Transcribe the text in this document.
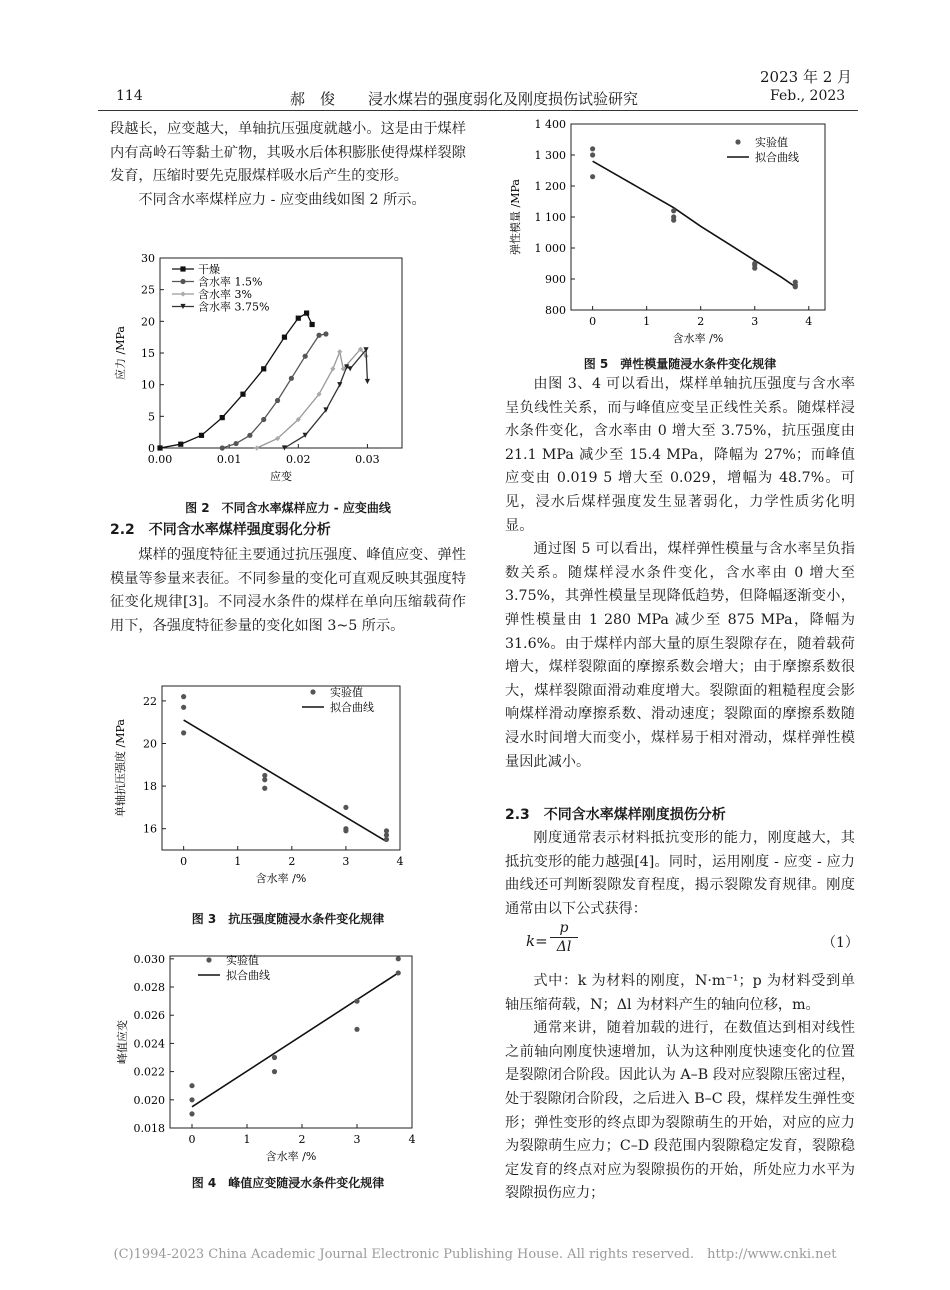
114	郝　俊 浸水煤岩的强度弱化及刚度损伤试验研究
2023 年 2 月
Feb., 2023

段越长，应变越大，单轴抗压强度就越小。这是由于煤样内有高岭石等黏土矿物，其吸水后体积膨胀使得煤样裂隙发育，压缩时要先克服煤样吸水后产生的变形。

不同含水率煤样应力 - 应变曲线如图 2 所示。

0.00	0.01	0.02	0.03
0
5
10
15
20
25
30
应变
应力 /MPa
干燥
含水率 1.5%
含水率 3%
含水率 3.75%
图 2　不同含水率煤样应力 - 应变曲线
2.2　不同含水率煤样强度弱化分析

煤样的强度特征主要通过抗压强度、峰值应变、弹性模量等参量来表征。不同参量的变化可直观反映其强度特征变化规律[3]。不同浸水条件的煤样在单向压缩载荷作用下，各强度特征参量的变化如图 3~5 所示。

0	1	2	3	4
16
18
20
22
含水率 /%
单轴抗压强度 /MPa
实验值
拟合曲线
图 3　抗压强度随浸水条件变化规律
0	1	2	3	4
0.018
0.020
0.022
0.024
0.026
0.028
0.030
含水率 /%
峰值应变
实验值
拟合曲线
图 4　峰值应变随浸水条件变化规律
0	1	2	3	4
800
900
1 000
1 100
1 200
1 300
1 400
含水率 /%
弹性模量 /MPa
实验值
拟合曲线
图 5　弹性模量随浸水条件变化规律

由图 3、4 可以看出，煤样单轴抗压强度与含水率呈负线性关系，而与峰值应变呈正线性关系。随煤样浸水条件变化，含水率由 0 增大至 3.75%，抗压强度由 21.1 MPa 减少至 15.4 MPa，降幅为 27%；而峰值应变由 0.019 5 增大至 0.029，增幅为 48.7%。可见，浸水后煤样强度发生显著弱化，力学性质劣化明显。

通过图 5 可以看出，煤样弹性模量与含水率呈负指数关系。随煤样浸水条件变化，含水率由 0 增大至 3.75%，其弹性模量呈现降低趋势，但降幅逐渐变小，弹性模量由 1 280 MPa 减少至 875 MPa，降幅为 31.6%。由于煤样内部大量的原生裂隙存在，随着载荷增大，煤样裂隙面的摩擦系数会增大；由于摩擦系数很大，煤样裂隙面滑动难度增大。裂隙面的粗糙程度会影响煤样滑动摩擦系数、滑动速度；裂隙面的摩擦系数随浸水时间增大而变小，煤样易于相对滑动，煤样弹性模量因此减小。

2.3　不同含水率煤样刚度损伤分析

刚度通常表示材料抵抗变形的能力，刚度越大，其抵抗变形的能力越强[4]。同时，运用刚度 - 应变 - 应力曲线还可判断裂隙发育程度，揭示裂隙发育规律。刚度通常由以下公式获得：

k=
p
Δl	（1）

式中：k 为材料的刚度，N·m⁻¹；p 为材料受到单轴压缩荷载，N；Δl 为材料产生的轴向位移，m。

通常来讲，随着加载的进行，在数值达到相对线性之前轴向刚度快速增加，认为这种刚度快速变化的位置是裂隙闭合阶段。因此认为 A–B 段对应裂隙压密过程，处于裂隙闭合阶段，之后进入 B–C 段，煤样发生弹性变形；弹性变形的终点即为裂隙萌生的开始，对应的应力为裂隙萌生应力；C–D 段范围内裂隙稳定发育，裂隙稳定发育的终点对应为裂隙损伤的开始，所处应力水平为裂隙损伤应力；

(C)1994-2023 China Academic Journal Electronic Publishing House. All rights reserved.　http://www.cnki.net
